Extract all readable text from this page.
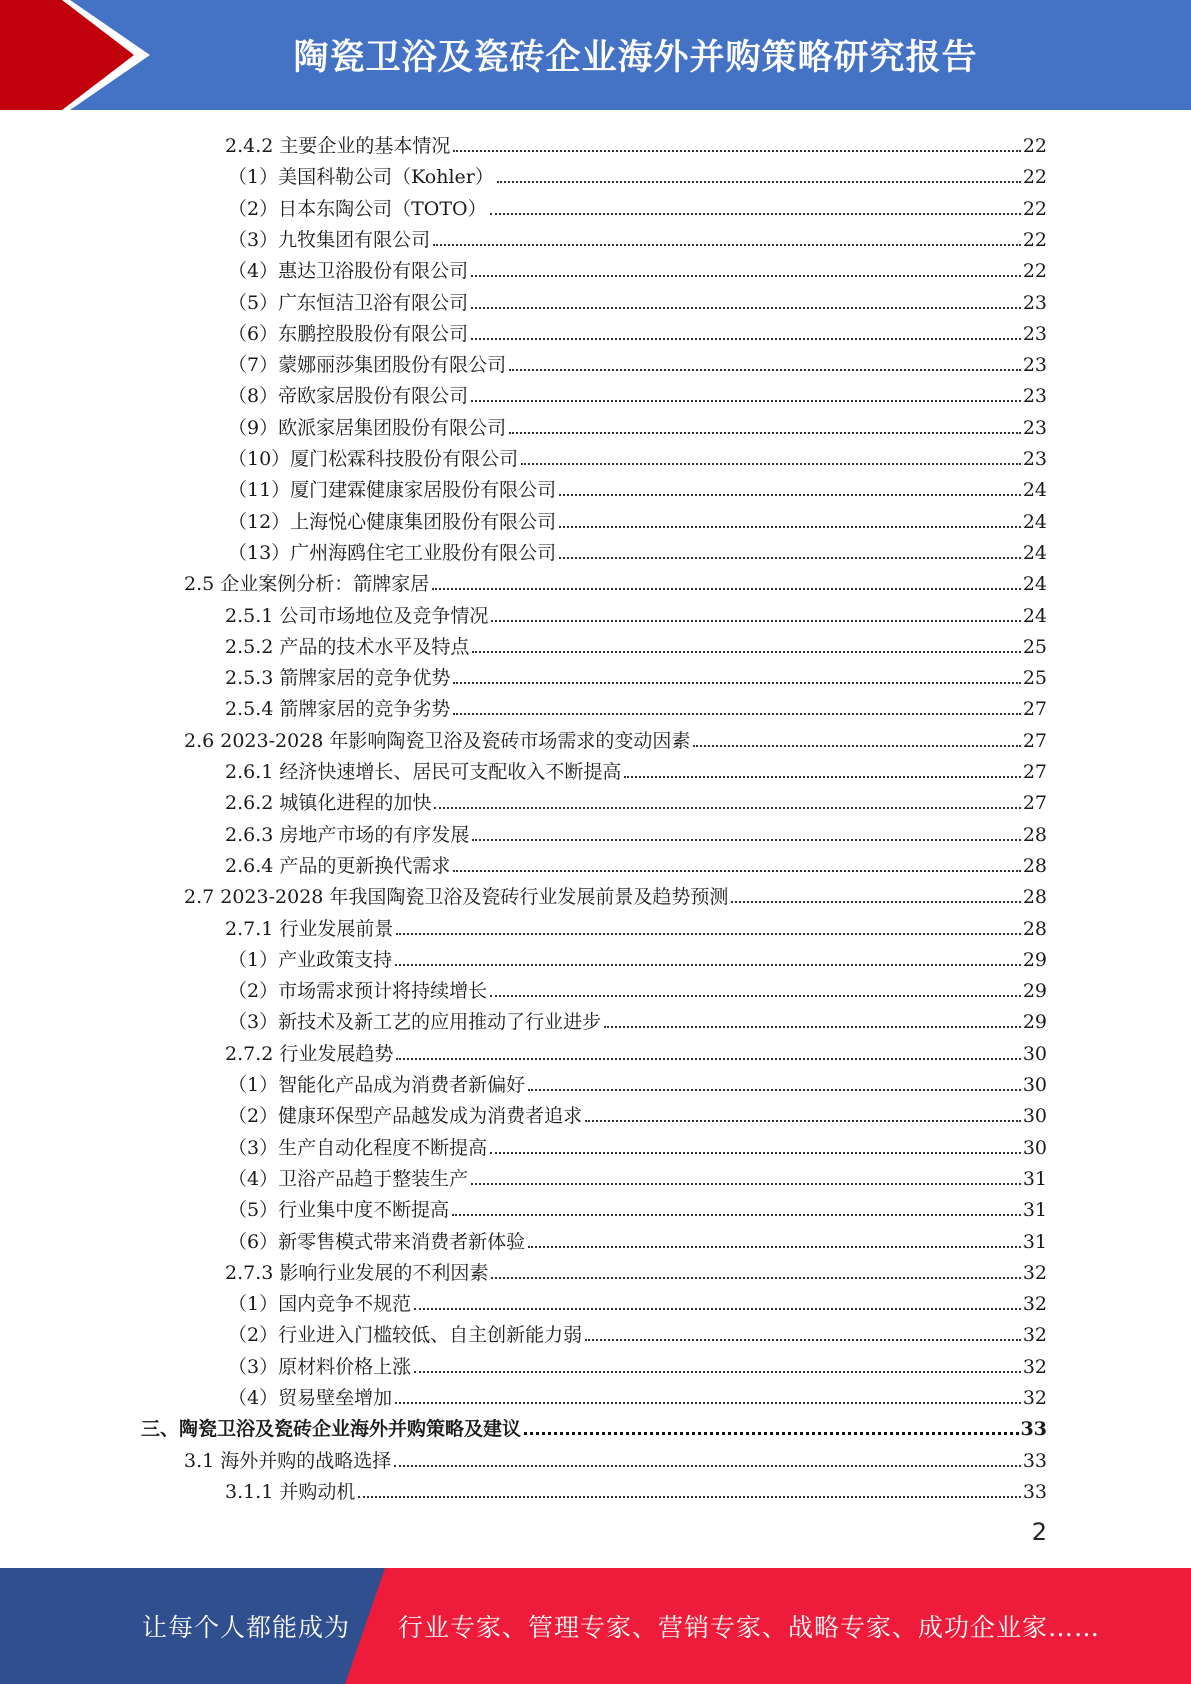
陶瓷卫浴及瓷砖企业海外并购策略研究报告
2.4.2 主要企业的基本情况	22
（1）美国科勒公司（Kohler）	22
（2）日本东陶公司（TOTO）	22
（3）九牧集团有限公司	22
（4）惠达卫浴股份有限公司	22
（5）广东恒洁卫浴有限公司	23
（6）东鹏控股股份有限公司	23
（7）蒙娜丽莎集团股份有限公司	23
（8）帝欧家居股份有限公司	23
（9）欧派家居集团股份有限公司	23
（10）厦门松霖科技股份有限公司	23
（11）厦门建霖健康家居股份有限公司	24
（12）上海悦心健康集团股份有限公司	24
（13）广州海鸥住宅工业股份有限公司	24
2.5 企业案例分析：箭牌家居	24
2.5.1 公司市场地位及竞争情况	24
2.5.2 产品的技术水平及特点	25
2.5.3 箭牌家居的竞争优势	25
2.5.4 箭牌家居的竞争劣势	27
2.6 2023-2028 年影响陶瓷卫浴及瓷砖市场需求的变动因素	27
2.6.1 经济快速增长、居民可支配收入不断提高	27
2.6.2 城镇化进程的加快	27
2.6.3 房地产市场的有序发展	28
2.6.4 产品的更新换代需求	28
2.7 2023-2028 年我国陶瓷卫浴及瓷砖行业发展前景及趋势预测	28
2.7.1 行业发展前景	28
（1）产业政策支持	29
（2）市场需求预计将持续增长	29
（3）新技术及新工艺的应用推动了行业进步	29
2.7.2 行业发展趋势	30
（1）智能化产品成为消费者新偏好	30
（2）健康环保型产品越发成为消费者追求	30
（3）生产自动化程度不断提高	30
（4）卫浴产品趋于整装生产	31
（5）行业集中度不断提高	31
（6）新零售模式带来消费者新体验	31
2.7.3 影响行业发展的不利因素	32
（1）国内竞争不规范	32
（2）行业进入门槛较低、自主创新能力弱	32
（3）原材料价格上涨	32
（4）贸易壁垒增加	32
三、陶瓷卫浴及瓷砖企业海外并购策略及建议	33
3.1 海外并购的战略选择	33
3.1.1 并购动机	33
2
让每个人都能成为 行业专家、管理专家、营销专家、战略专家、成功企业家……
